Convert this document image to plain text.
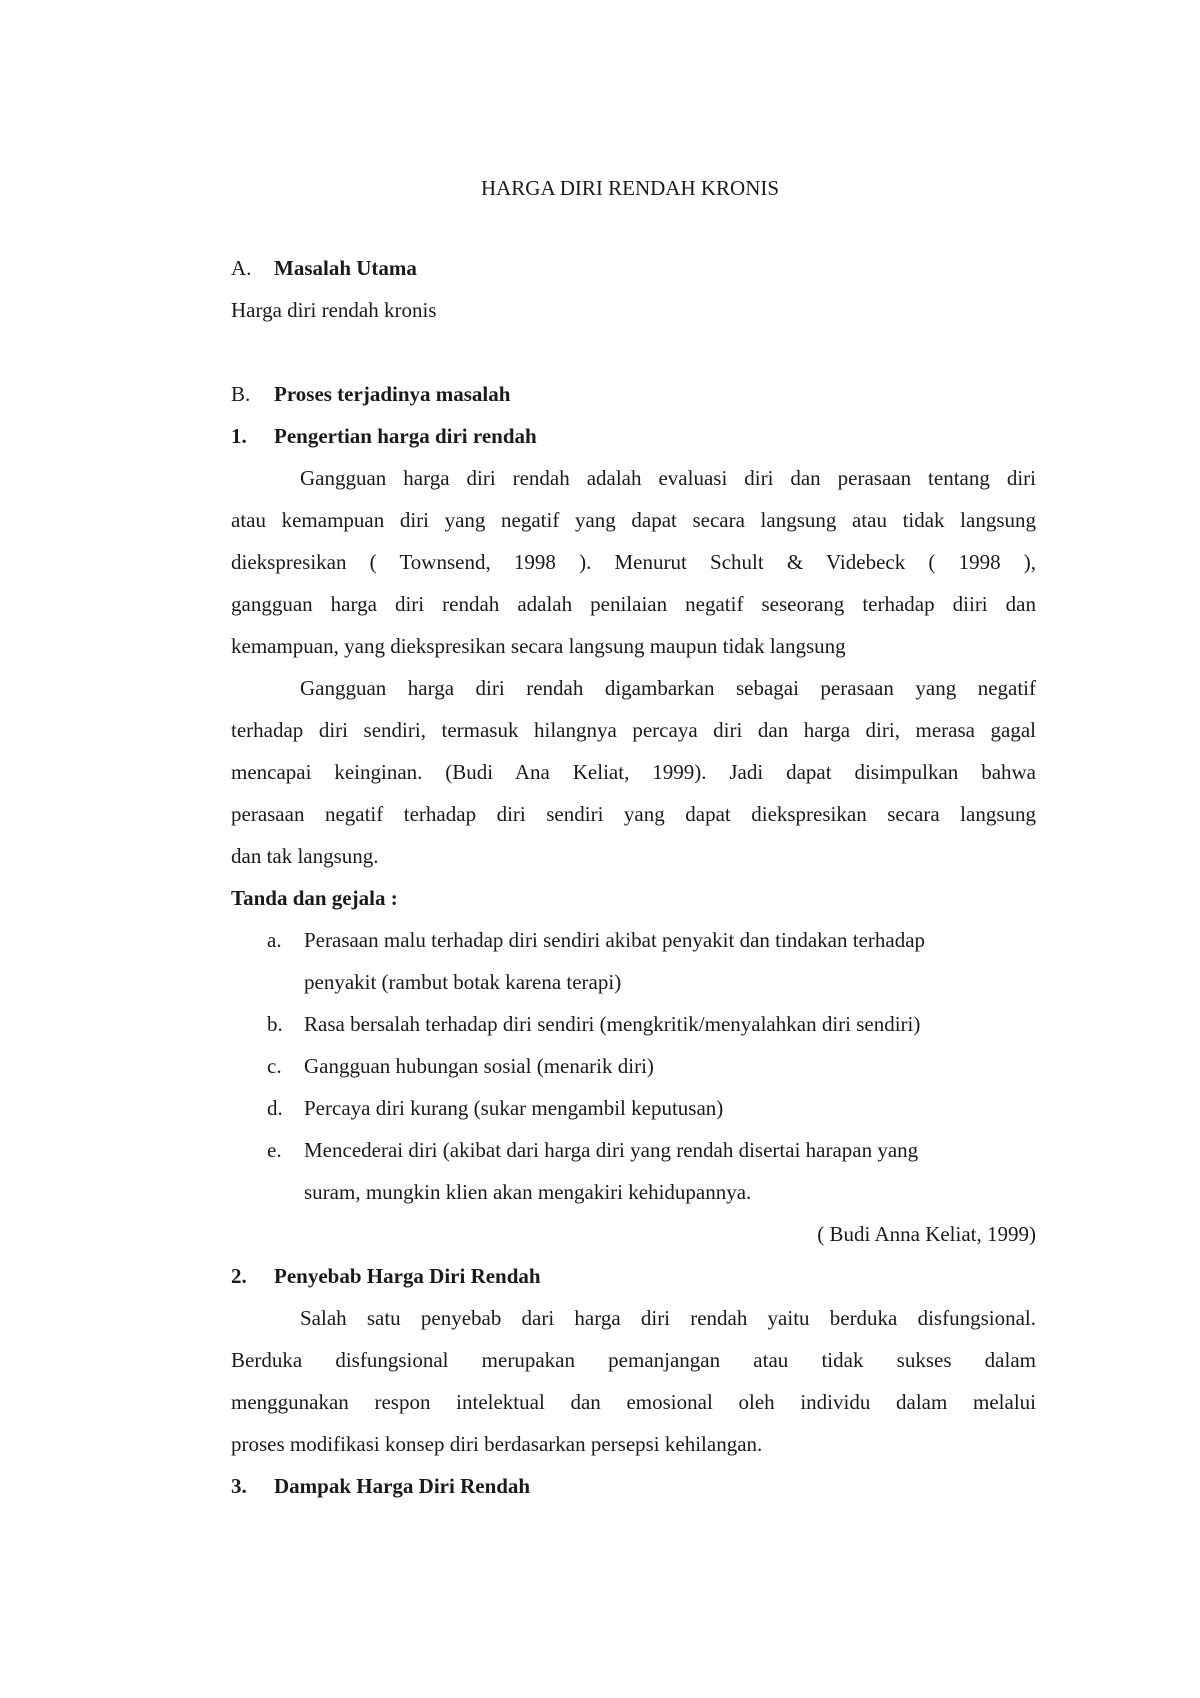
HARGA DIRI RENDAH KRONIS
A. Masalah Utama
Harga diri rendah kronis
B. Proses terjadinya masalah
1. Pengertian harga diri rendah
Gangguan harga diri rendah adalah evaluasi diri dan perasaan tentang diri
atau kemampuan diri yang negatif yang dapat secara langsung atau tidak langsung
diekspresikan ( Townsend, 1998 ). Menurut Schult & Videbeck ( 1998 ),
gangguan harga diri rendah adalah penilaian negatif seseorang terhadap diiri dan
kemampuan, yang diekspresikan secara langsung maupun tidak langsung
Gangguan harga diri rendah digambarkan sebagai perasaan yang negatif
terhadap diri sendiri, termasuk hilangnya percaya diri dan harga diri, merasa gagal
mencapai keinginan. (Budi Ana Keliat, 1999). Jadi dapat disimpulkan bahwa
perasaan negatif terhadap diri sendiri yang dapat diekspresikan secara langsung
dan tak langsung.
Tanda dan gejala :
a. Perasaan malu terhadap diri sendiri akibat penyakit dan tindakan terhadap
penyakit (rambut botak karena terapi)
b. Rasa bersalah terhadap diri sendiri (mengkritik/menyalahkan diri sendiri)
c. Gangguan hubungan sosial (menarik diri)
d. Percaya diri kurang (sukar mengambil keputusan)
e. Mencederai diri (akibat dari harga diri yang rendah disertai harapan yang
suram, mungkin klien akan mengakiri kehidupannya.
( Budi Anna Keliat, 1999)
2. Penyebab Harga Diri Rendah
Salah satu penyebab dari harga diri rendah yaitu berduka disfungsional.
Berduka disfungsional merupakan pemanjangan atau tidak sukses dalam
menggunakan respon intelektual dan emosional oleh individu dalam melalui
proses modifikasi konsep diri berdasarkan persepsi kehilangan.
3. Dampak Harga Diri Rendah
